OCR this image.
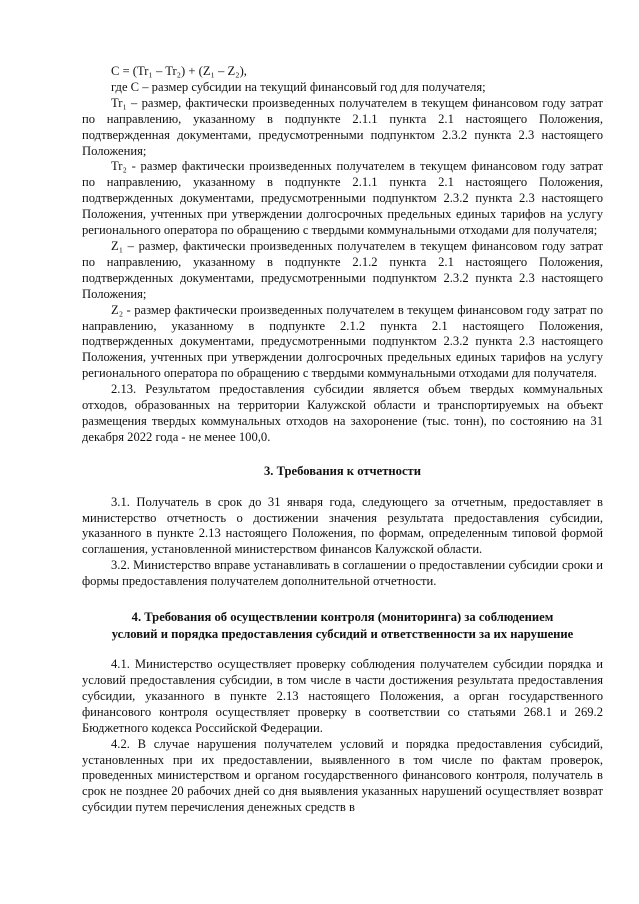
С = (Tr₁ – Tr₂) + (Z₁ – Z₂),

где С – размер субсидии на текущий финансовый год для получателя;

Tr₁ – размер, фактически произведенных получателем в текущем финансовом году затрат по направлению, указанному в подпункте 2.1.1 пункта 2.1 настоящего Положения, подтвержденная документами, предусмотренными подпунктом 2.3.2 пункта 2.3 настоящего Положения;

Tr₂ - размер фактически произведенных получателем в текущем финансовом году затрат по направлению, указанному в подпункте 2.1.1 пункта 2.1 настоящего Положения, подтвержденных документами, предусмотренными подпунктом 2.3.2 пункта 2.3 настоящего Положения, учтенных при утверждении долгосрочных предельных единых тарифов на услугу регионального оператора по обращению с твердыми коммунальными отходами для получателя;

Z₁ – размер, фактически произведенных получателем в текущем финансовом году затрат по направлению, указанному в подпункте 2.1.2 пункта 2.1 настоящего Положения, подтвержденных документами, предусмотренными подпунктом 2.3.2 пункта 2.3 настоящего Положения;

Z₂ - размер фактически произведенных получателем в текущем финансовом году затрат по направлению, указанному в подпункте 2.1.2 пункта 2.1 настоящего Положения, подтвержденных документами, предусмотренными подпунктом 2.3.2 пункта 2.3 настоящего Положения, учтенных при утверждении долгосрочных предельных единых тарифов на услугу регионального оператора по обращению с твердыми коммунальными отходами для получателя.

2.13. Результатом предоставления субсидии является объем твердых коммунальных отходов, образованных на территории Калужской области и транспортируемых на объект размещения твердых коммунальных отходов на захоронение (тыс. тонн), по состоянию на 31 декабря 2022 года - не менее 100,0.

3. Требования к отчетности

3.1. Получатель в срок до 31 января года, следующего за отчетным, предоставляет в министерство отчетность о достижении значения результата предоставления субсидии, указанного в пункте 2.13 настоящего Положения, по формам, определенным типовой формой соглашения, установленной министерством финансов Калужской области.

3.2. Министерство вправе устанавливать в соглашении о предоставлении субсидии сроки и формы предоставления получателем дополнительной отчетности.

4. Требования об осуществлении контроля (мониторинга) за соблюдением
условий и порядка предоставления субсидий и ответственности за их нарушение

4.1. Министерство осуществляет проверку соблюдения получателем субсидии порядка и условий предоставления субсидии, в том числе в части достижения результата предоставления субсидии, указанного в пункте 2.13 настоящего Положения, а орган государственного финансового контроля осуществляет проверку в соответствии со статьями 268.1 и 269.2 Бюджетного кодекса Российской Федерации.

4.2. В случае нарушения получателем условий и порядка предоставления субсидий, установленных при их предоставлении, выявленного в том числе по фактам проверок, проведенных министерством и органом государственного финансового контроля, получатель в срок не позднее 20 рабочих дней со дня выявления указанных нарушений осуществляет возврат субсидии путем перечисления денежных средств в
